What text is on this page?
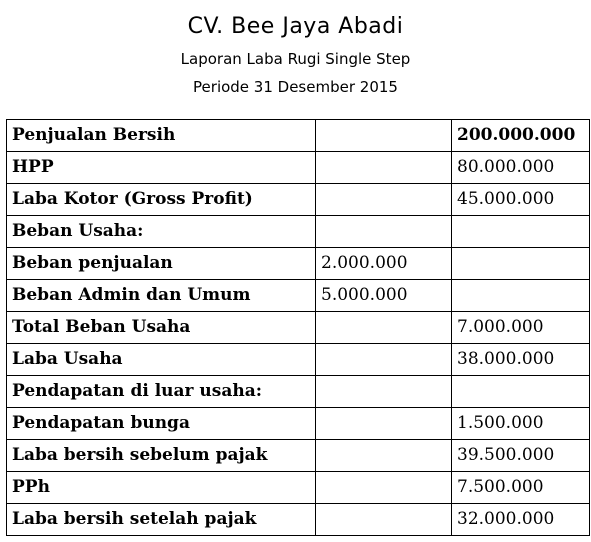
CV. Bee Jaya Abadi
Laporan Laba Rugi Single Step
Periode 31 Desember 2015
Penjualan Bersih		200.000.000
HPP		80.000.000
Laba Kotor (Gross Profit)		45.000.000
Beban Usaha:		
Beban penjualan	2.000.000	
Beban Admin dan Umum	5.000.000	
Total Beban Usaha		7.000.000
Laba Usaha		38.000.000
Pendapatan di luar usaha:		
Pendapatan bunga		1.500.000
Laba bersih sebelum pajak		39.500.000
PPh		7.500.000
Laba bersih setelah pajak		32.000.000
